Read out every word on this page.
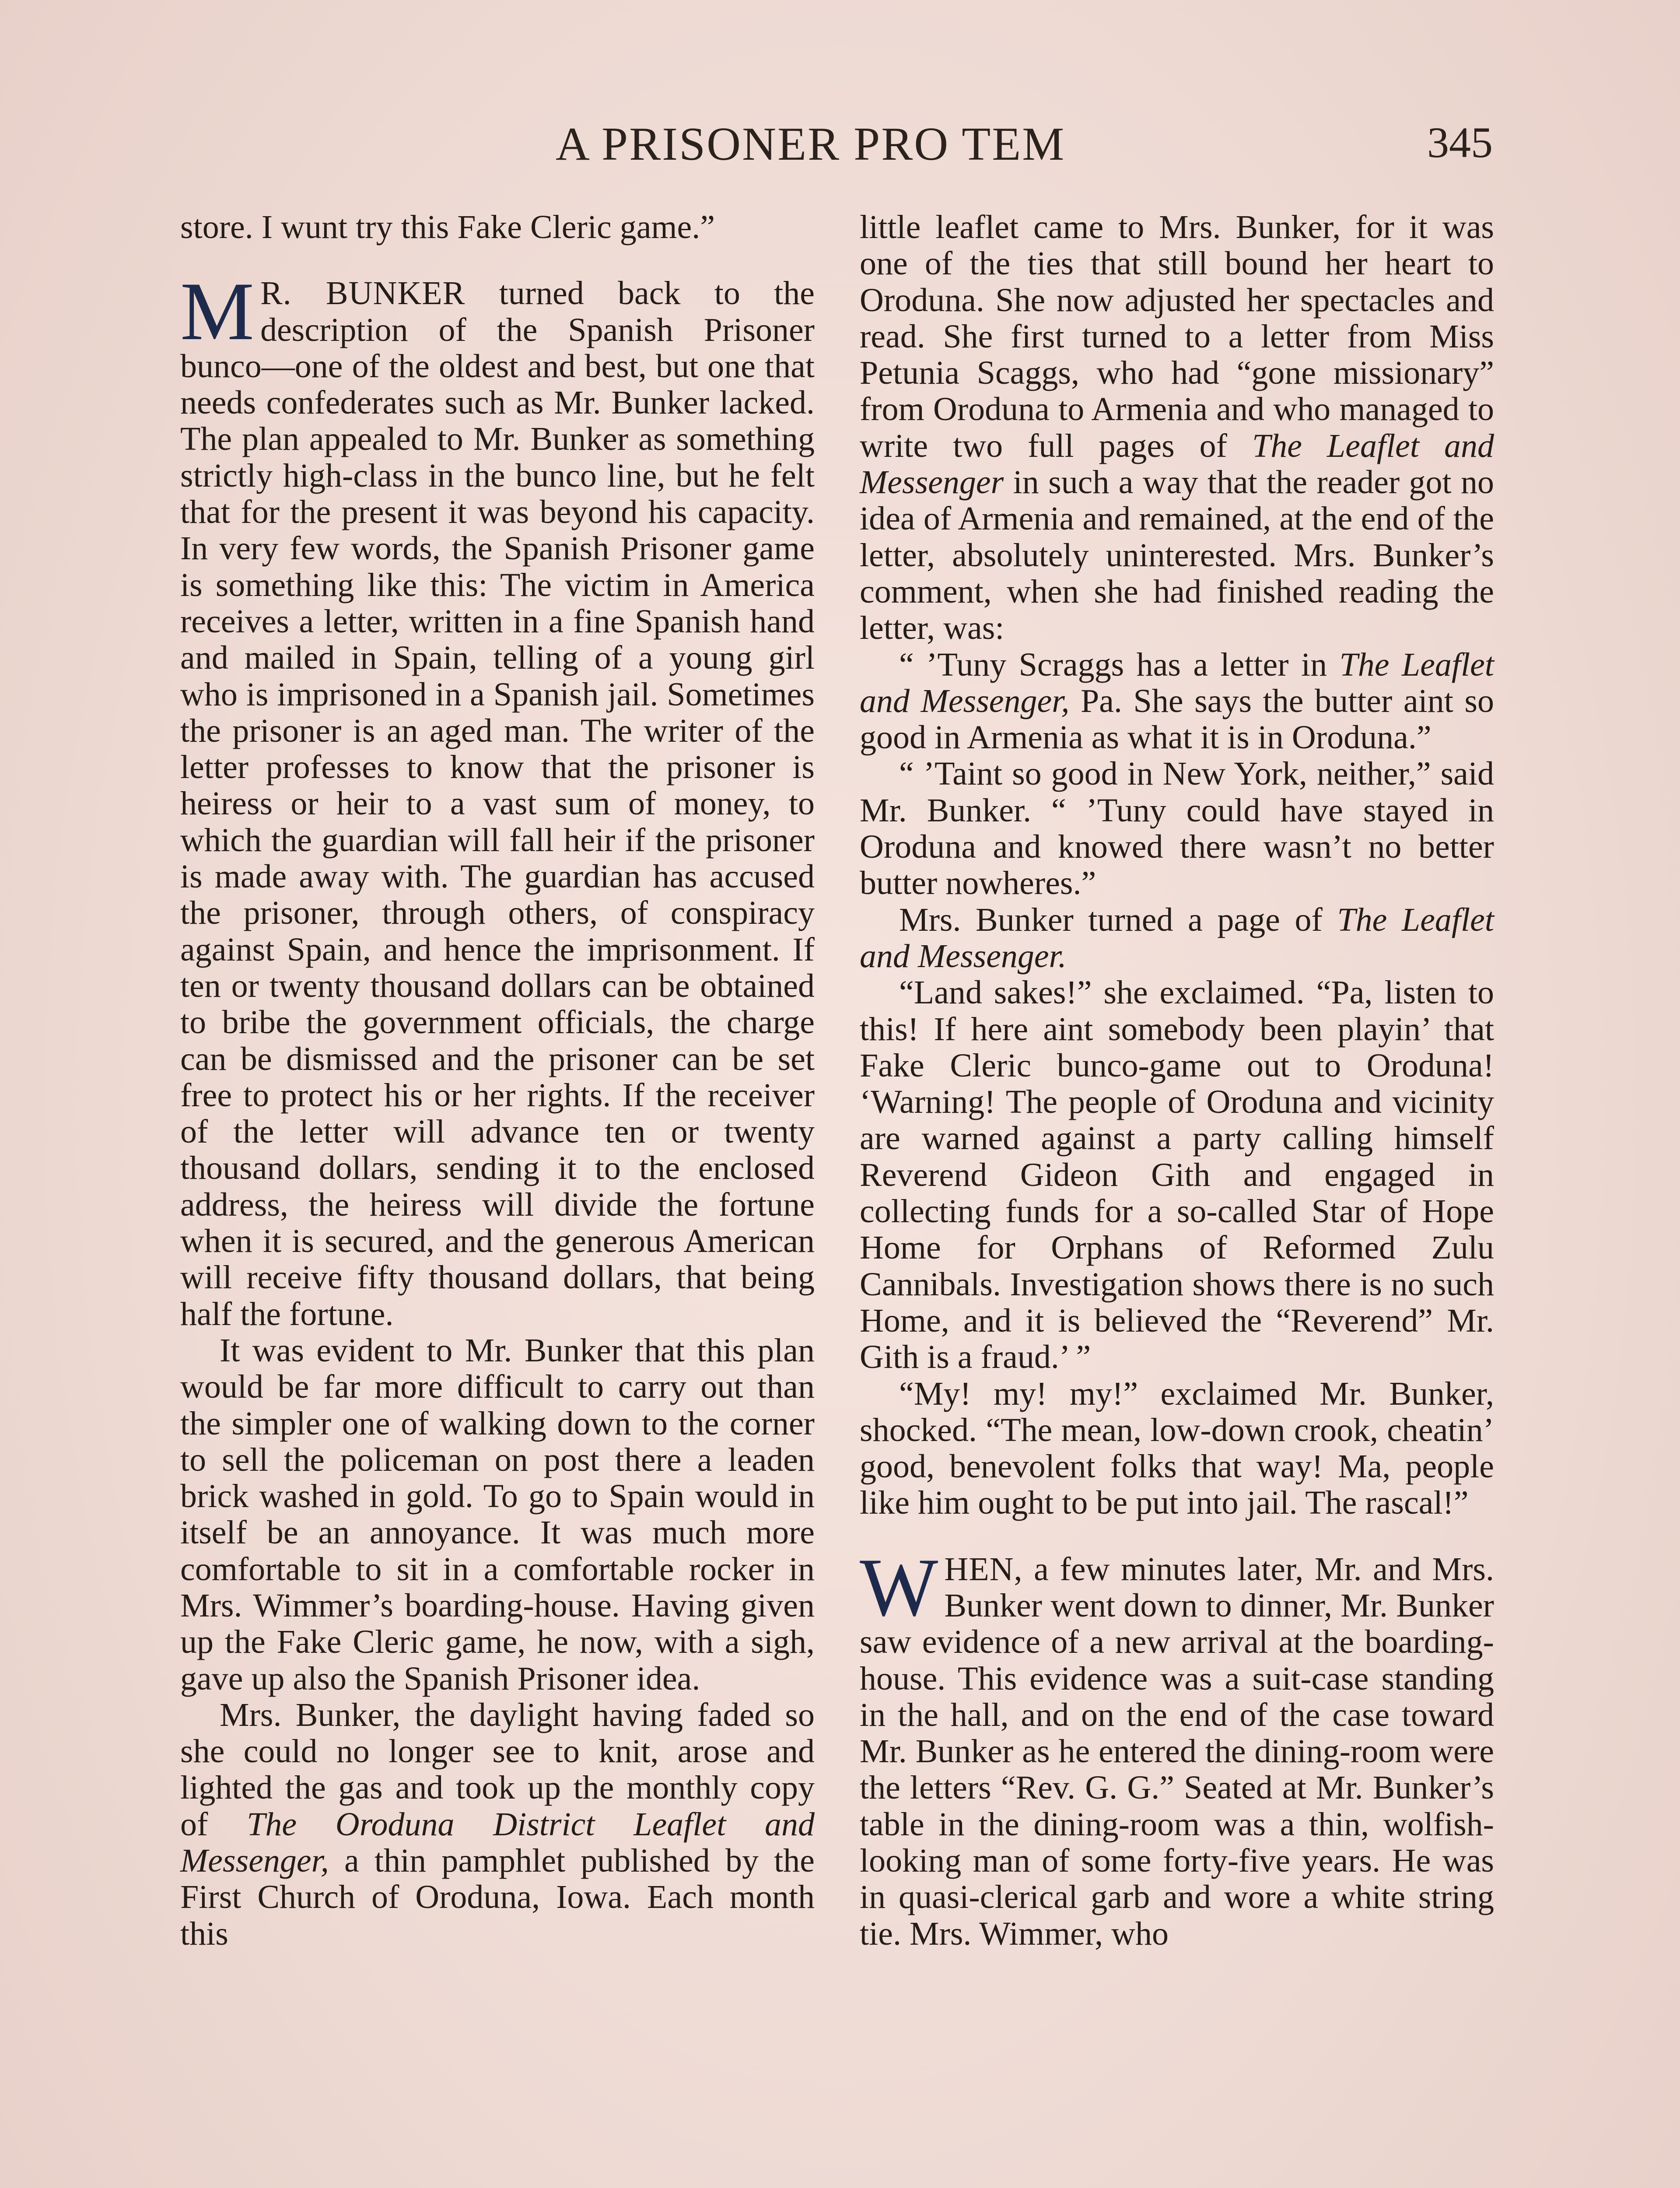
A PRISONER PRO TEM	345

store. I wunt try this Fake Cleric game.”

M R. BUNKER turned back to the description of the Spanish Prisoner bunco—one of the oldest and best, but one that needs confederates such as Mr. Bunker lacked. The plan appealed to Mr. Bunker as something strictly high-class in the bunco line, but he felt that for the present it was beyond his capacity. In very few words, the Spanish Prisoner game is something like this: The victim in America receives a letter, written in a fine Spanish hand and mailed in Spain, telling of a young girl who is imprisoned in a Spanish jail. Sometimes the prisoner is an aged man. The writer of the letter professes to know that the prisoner is heiress or heir to a vast sum of money, to which the guardian will fall heir if the prisoner is made away with. The guardian has accused the prisoner, through others, of conspiracy against Spain, and hence the imprisonment. If ten or twenty thousand dollars can be obtained to bribe the government officials, the charge can be dismissed and the prisoner can be set free to protect his or her rights. If the receiver of the letter will advance ten or twenty thousand dollars, sending it to the enclosed address, the heiress will divide the fortune when it is secured, and the generous American will receive fifty thousand dollars, that being half the fortune.

It was evident to Mr. Bunker that this plan would be far more difficult to carry out than the simpler one of walking down to the corner to sell the policeman on post there a leaden brick washed in gold. To go to Spain would in itself be an annoyance. It was much more comfortable to sit in a comfortable rocker in Mrs. Wimmer’s boarding-house. Having given up the Fake Cleric game, he now, with a sigh, gave up also the Spanish Prisoner idea.

Mrs. Bunker, the daylight having faded so she could no longer see to knit, arose and lighted the gas and took up the monthly copy of The Oroduna District Leaflet and Messenger, a thin pamphlet published by the First Church of Oroduna, Iowa. Each month this

little leaflet came to Mrs. Bunker, for it was one of the ties that still bound her heart to Oroduna. She now adjusted her spectacles and read. She first turned to a letter from Miss Petunia Scaggs, who had “gone missionary” from Oroduna to Armenia and who managed to write two full pages of The Leaflet and Messenger in such a way that the reader got no idea of Armenia and remained, at the end of the letter, absolutely uninterested. Mrs. Bunker’s comment, when she had finished reading the letter, was:

“ ’Tuny Scraggs has a letter in The Leaflet and Messenger, Pa. She says the butter aint so good in Armenia as what it is in Oroduna.”

“ ’Taint so good in New York, neither,” said Mr. Bunker. “ ’Tuny could have stayed in Oroduna and knowed there wasn’t no better butter nowheres.”

Mrs. Bunker turned a page of The Leaflet and Messenger.

“Land sakes!” she exclaimed. “Pa, listen to this! If here aint somebody been playin’ that Fake Cleric bunco-game out to Oroduna! ‘Warning! The people of Oroduna and vicinity are warned against a party calling himself Reverend Gideon Gith and engaged in collecting funds for a so-called Star of Hope Home for Orphans of Reformed Zulu Cannibals. Investigation shows there is no such Home, and it is believed the “Reverend” Mr. Gith is a fraud.’ ”

“My! my! my!” exclaimed Mr. Bunker, shocked. “The mean, low-down crook, cheatin’ good, benevolent folks that way! Ma, people like him ought to be put into jail. The rascal!”

WHEN, a few minutes later, Mr. and Mrs. Bunker went down to dinner, Mr. Bunker saw evidence of a new arrival at the boarding-house. This evidence was a suit-case standing in the hall, and on the end of the case toward Mr. Bunker as he entered the dining-room were the letters “Rev. G. G.” Seated at Mr. Bunker’s table in the dining-room was a thin, wolfish-looking man of some forty-five years. He was in quasi-clerical garb and wore a white string tie. Mrs. Wimmer, who
